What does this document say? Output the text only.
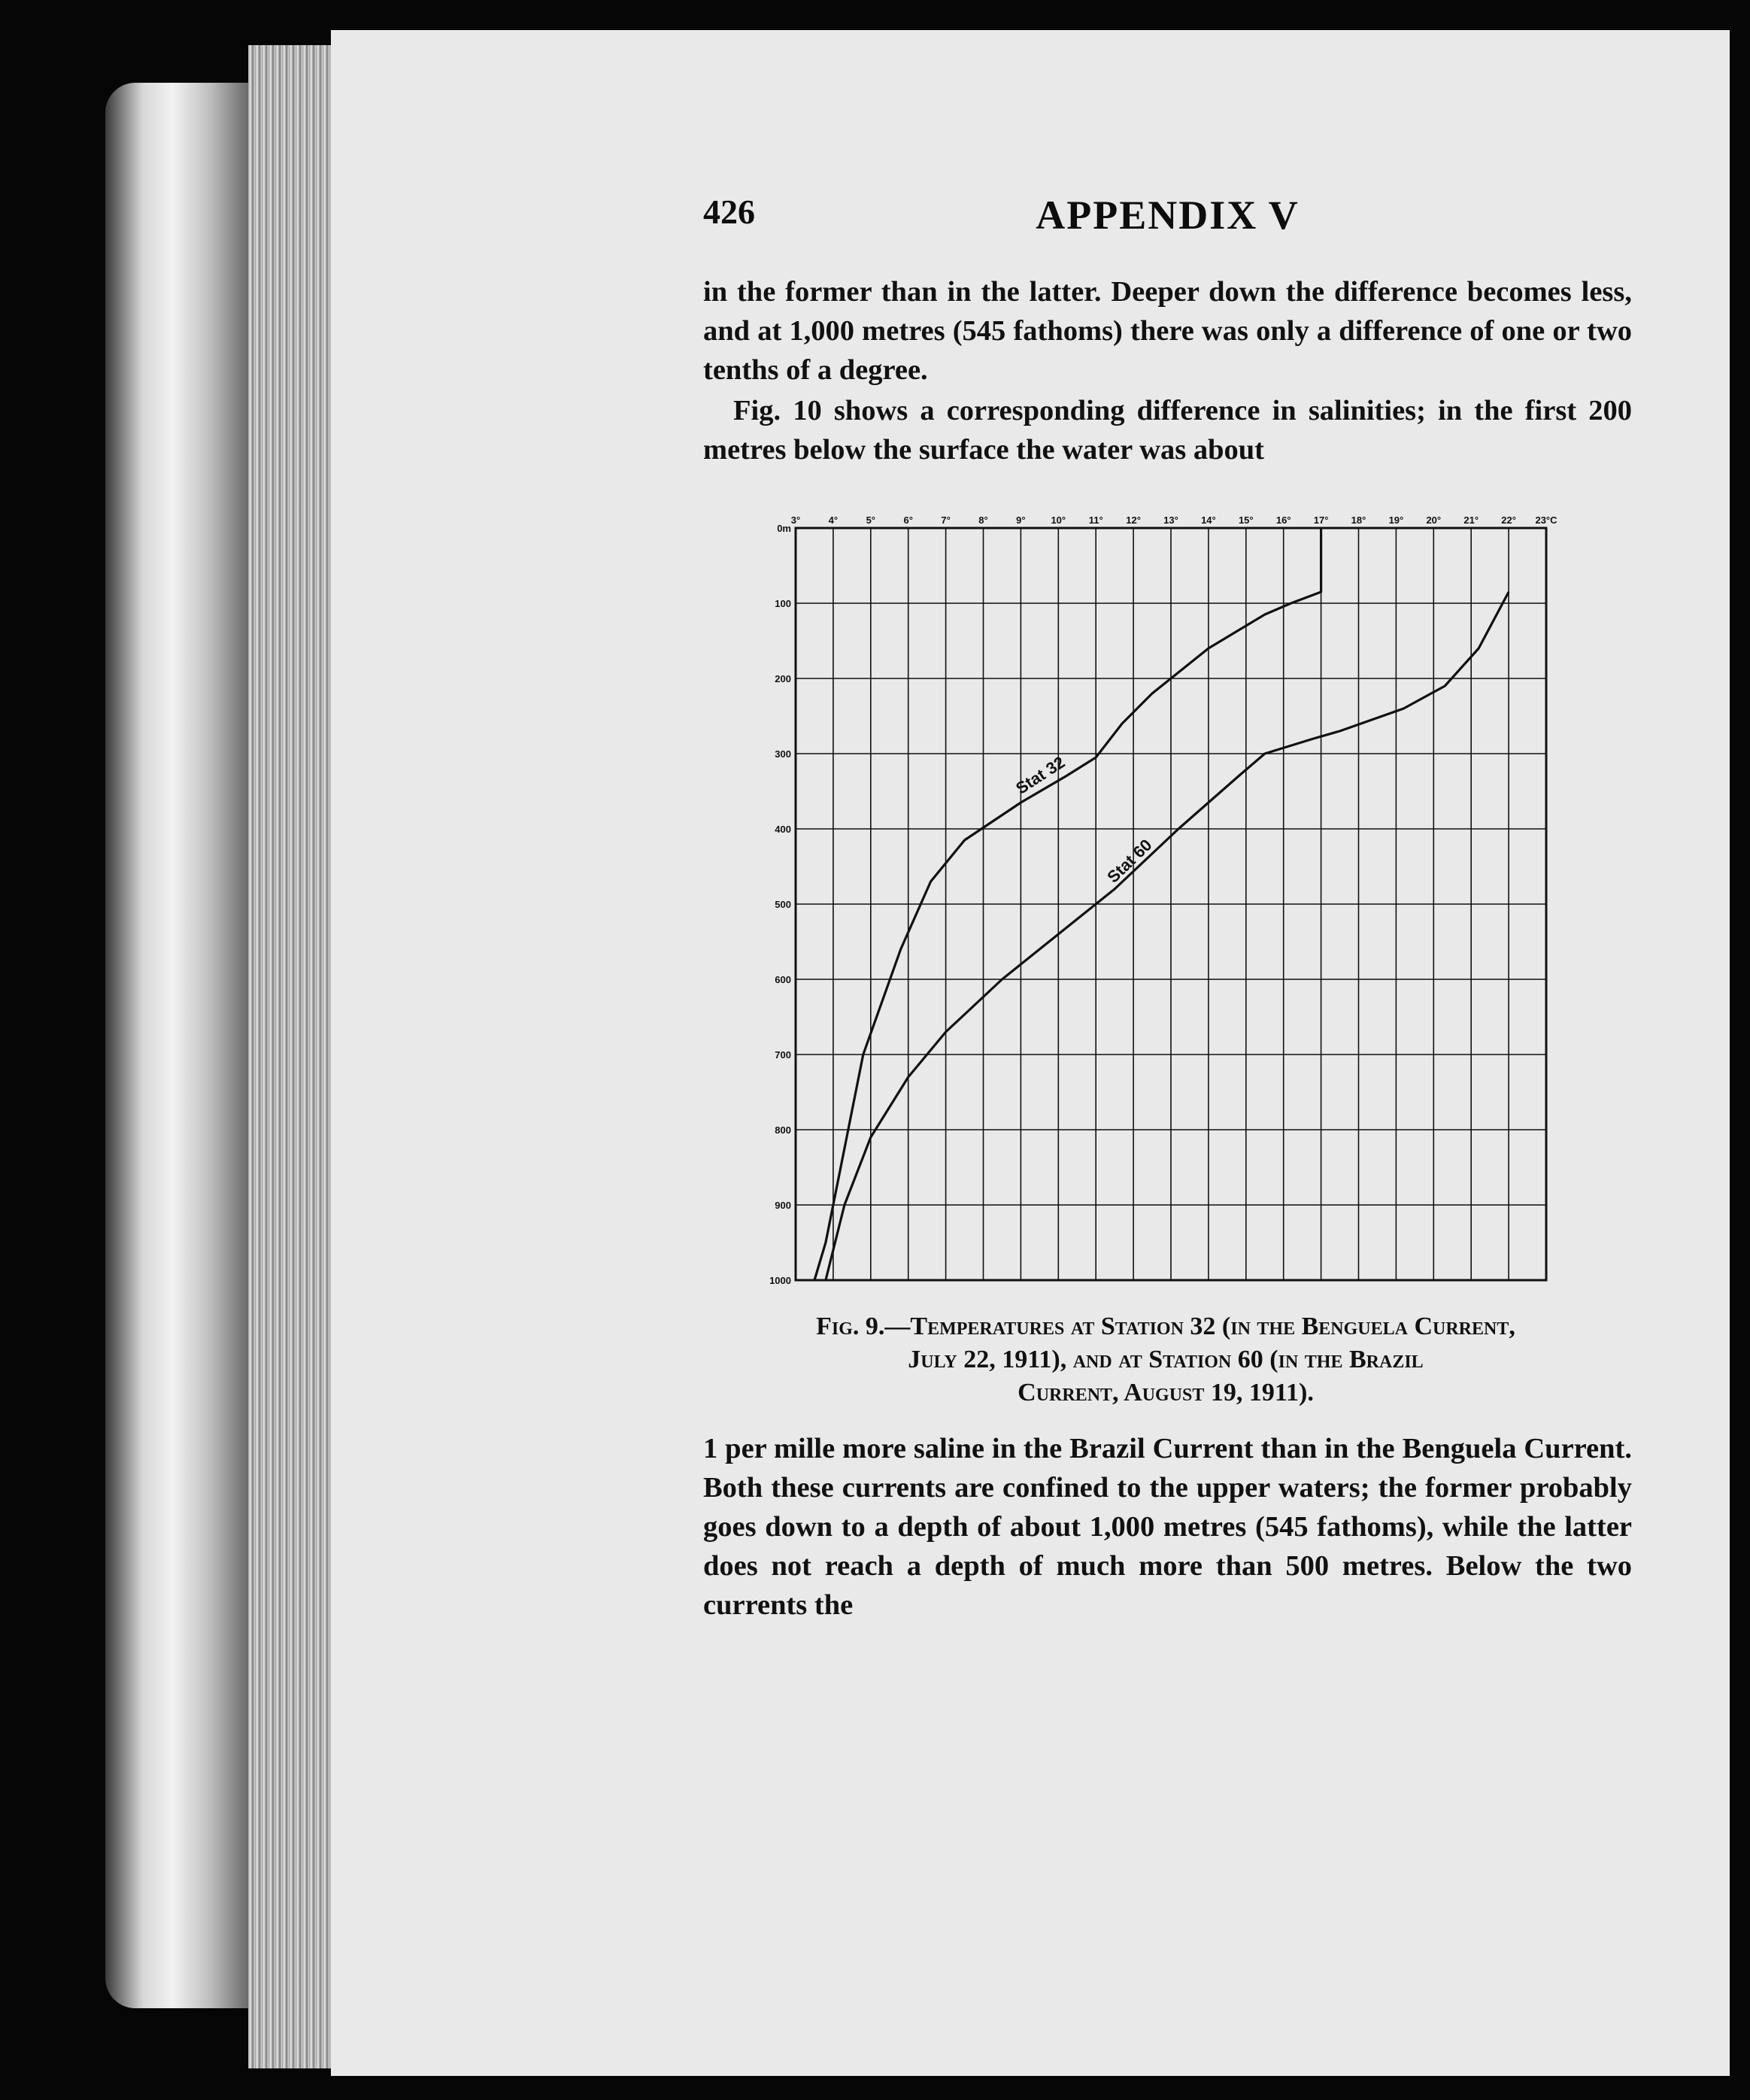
426	APPENDIX V

in the former than in the latter. Deeper down the difference becomes less, and at 1,000 metres (545 fathoms) there was only a difference of one or two tenths of a degree.

Fig. 10 shows a corresponding difference in salinities; in the first 200 metres below the surface the water was about

3°	4°	5°	6°	7°	8°	9°	10° 11° 12° 13° 14° 15° 16° 17° 18° 19° 20° 21° 22° 23°C
0m
100
200
300
400
500
600
700
800
900
1000
Stat 32
Stat 60

Fig. 9.—Temperatures at Station 32 (in the Benguela Current,
July 22, 1911), and at Station 60 (in the Brazil
Current, August 19, 1911).

1 per mille more saline in the Brazil Current than in the Benguela Current. Both these currents are confined to the upper waters; the former probably goes down to a depth of about 1,000 metres (545 fathoms), while the latter does not reach a depth of much more than 500 metres. Below the two currents the
